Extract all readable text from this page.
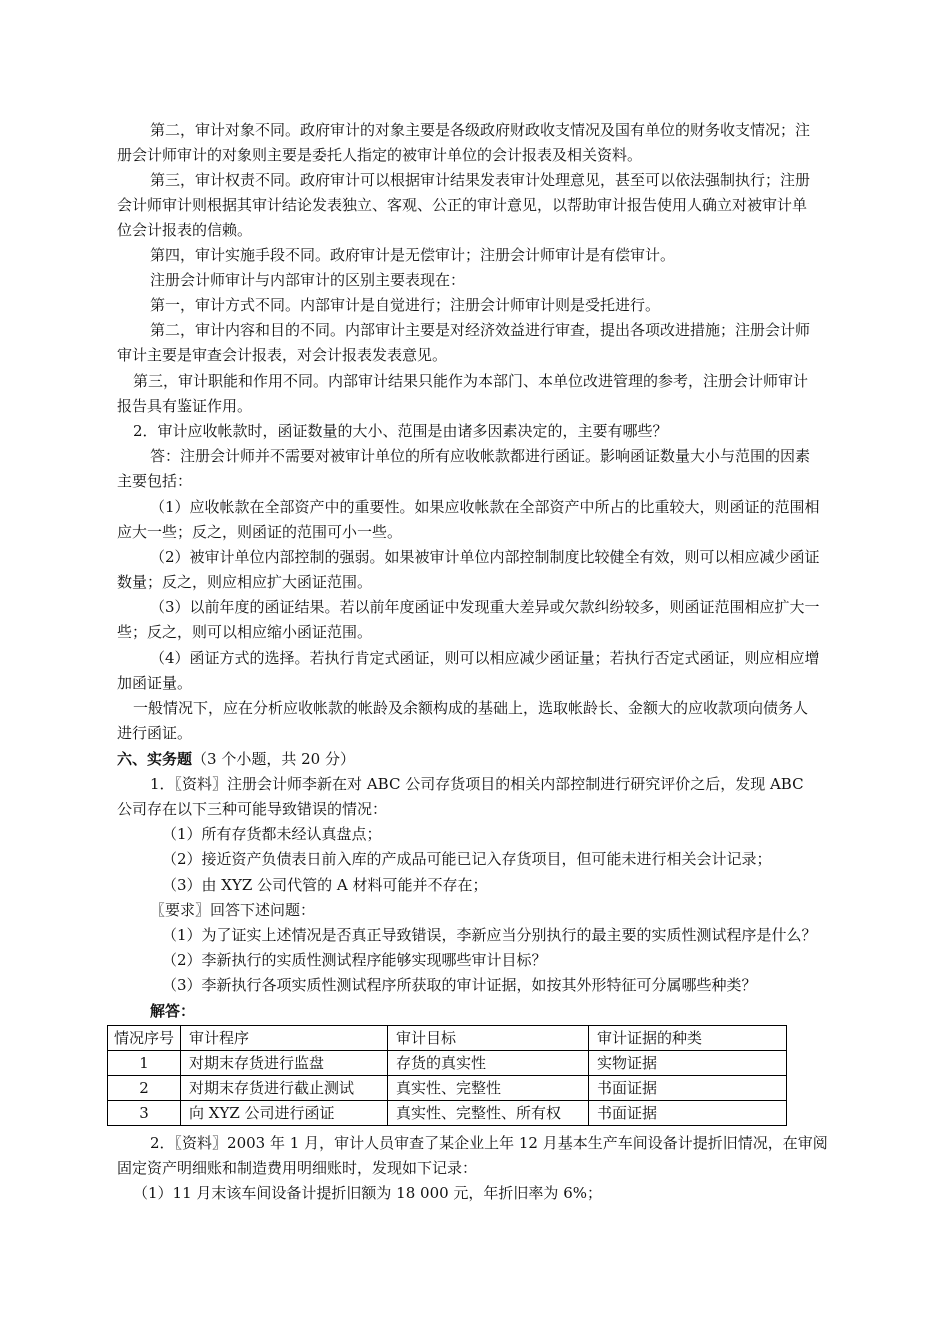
第二，审计对象不同。政府审计的对象主要是各级政府财政收支情况及国有单位的财务收支情况；注
册会计师审计的对象则主要是委托人指定的被审计单位的会计报表及相关资料。
第三，审计权责不同。政府审计可以根据审计结果发表审计处理意见，甚至可以依法强制执行；注册
会计师审计则根据其审计结论发表独立、客观、公正的审计意见，以帮助审计报告使用人确立对被审计单
位会计报表的信赖。
第四，审计实施手段不同。政府审计是无偿审计；注册会计师审计是有偿审计。
注册会计师审计与内部审计的区别主要表现在：
第一，审计方式不同。内部审计是自觉进行；注册会计师审计则是受托进行。
第二，审计内容和目的不同。内部审计主要是对经济效益进行审查，提出各项改进措施；注册会计师
审计主要是审查会计报表，对会计报表发表意见。
第三，审计职能和作用不同。内部审计结果只能作为本部门、本单位改进管理的参考，注册会计师审计
报告具有鉴证作用。
2．审计应收帐款时，函证数量的大小、范围是由诸多因素决定的，主要有哪些？
答：注册会计师并不需要对被审计单位的所有应收帐款都进行函证。影响函证数量大小与范围的因素
主要包括：
（1）应收帐款在全部资产中的重要性。如果应收帐款在全部资产中所占的比重较大，则函证的范围相
应大一些；反之，则函证的范围可小一些。
（2）被审计单位内部控制的强弱。如果被审计单位内部控制制度比较健全有效，则可以相应减少函证
数量；反之，则应相应扩大函证范围。
（3）以前年度的函证结果。若以前年度函证中发现重大差异或欠款纠纷较多，则函证范围相应扩大一
些；反之，则可以相应缩小函证范围。
（4）函证方式的选择。若执行肯定式函证，则可以相应减少函证量；若执行否定式函证，则应相应增
加函证量。
一般情况下，应在分析应收帐款的帐龄及余额构成的基础上，选取帐龄长、金额大的应收款项向债务人
进行函证。
六、实务题（3 个小题，共 20 分）
1．〖资料〗注册会计师李新在对 ABC 公司存货项目的相关内部控制进行研究评价之后，发现 ABC
公司存在以下三种可能导致错误的情况：
（1）所有存货都未经认真盘点；
（2）接近资产负债表日前入库的产成品可能已记入存货项目，但可能未进行相关会计记录；
（3）由 XYZ 公司代管的 A 材料可能并不存在；
〖要求〗回答下述问题：
（1）为了证实上述情况是否真正导致错误，李新应当分别执行的最主要的实质性测试程序是什么？
（2）李新执行的实质性测试程序能够实现哪些审计目标？
（3）李新执行各项实质性测试程序所获取的审计证据，如按其外形特征可分属哪些种类？
解答：
情况序号	审计程序	审计目标	审计证据的种类
1	对期末存货进行监盘	存货的真实性	实物证据
2	对期末存货进行截止测试	真实性、完整性	书面证据
3	向 XYZ 公司进行函证	真实性、完整性、所有权	书面证据
2．〖资料〗2003 年 1 月，审计人员审查了某企业上年 12 月基本生产车间设备计提折旧情况，在审阅
固定资产明细账和制造费用明细账时，发现如下记录：
（1）11 月末该车间设备计提折旧额为 18 000 元，年折旧率为 6%；
